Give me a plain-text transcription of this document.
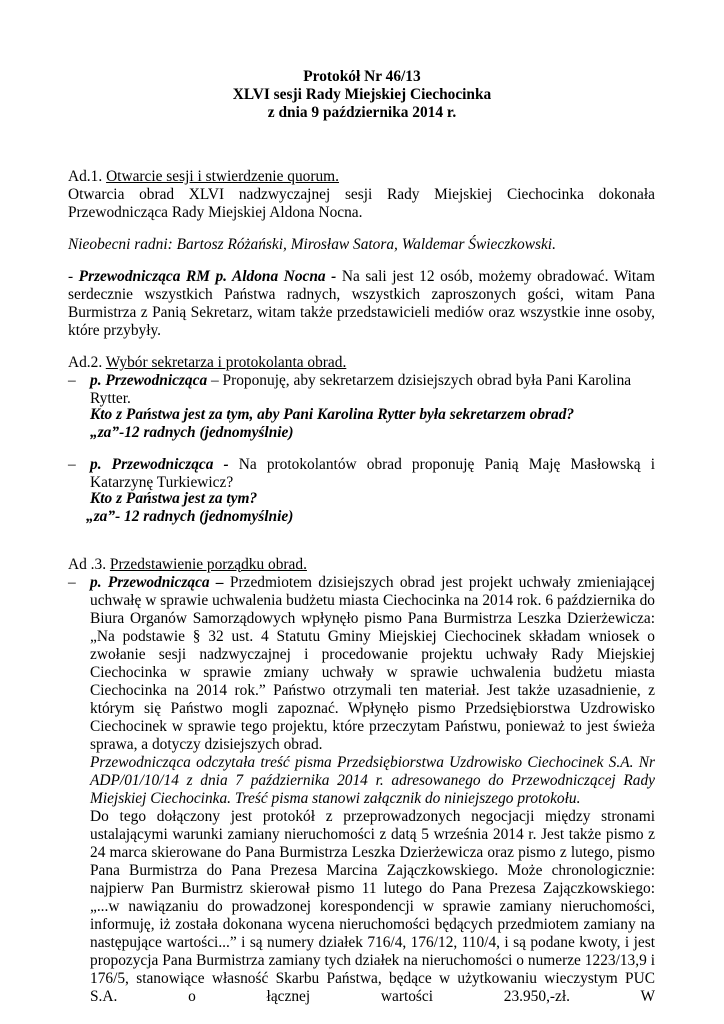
Protokół Nr 46/13
XLVI sesji Rady Miejskiej Ciechocinka
z dnia 9 października 2014 r.
Ad.1. Otwarcie sesji i stwierdzenie quorum.
Otwarcia obrad XLVI nadzwyczajnej sesji Rady Miejskiej Ciechocinka dokonała Przewodnicząca Rady Miejskiej Aldona Nocna.
Nieobecni radni: Bartosz Różański, Mirosław Satora, Waldemar Świeczkowski.
- Przewodnicząca RM p. Aldona Nocna - Na sali jest 12 osób, możemy obradować. Witam serdecznie wszystkich Państwa radnych, wszystkich zaproszonych gości, witam Pana Burmistrza z Panią Sekretarz, witam także przedstawicieli mediów oraz wszystkie inne osoby, które przybyły.
Ad.2. Wybór sekretarza i protokolanta obrad.
– p. Przewodnicząca – Proponuję, aby sekretarzem dzisiejszych obrad była Pani Karolina Rytter.
Kto z Państwa jest za tym, aby Pani Karolina Rytter była sekretarzem obrad?
„za”-12 radnych (jednomyślnie)
– p. Przewodnicząca - Na protokolantów obrad proponuję Panią Maję Masłowską i Katarzynę Turkiewicz?
Kto z Państwa jest za tym?
„za”- 12 radnych (jednomyślnie)
Ad .3. Przedstawienie porządku obrad.
– p. Przewodnicząca – Przedmiotem dzisiejszych obrad jest projekt uchwały zmieniającej uchwałę w sprawie uchwalenia budżetu miasta Ciechocinka na 2014 rok. 6 października do Biura Organów Samorządowych wpłynęło pismo Pana Burmistrza Leszka Dzierżewicza: „Na podstawie § 32 ust. 4 Statutu Gminy Miejskiej Ciechocinek składam wniosek o zwołanie sesji nadzwyczajnej i procedowanie projektu uchwały Rady Miejskiej Ciechocinka w sprawie zmiany uchwały w sprawie uchwalenia budżetu miasta Ciechocinka na 2014 rok.” Państwo otrzymali ten materiał. Jest także uzasadnienie, z którym się Państwo mogli zapoznać. Wpłynęło pismo Przedsiębiorstwa Uzdrowisko Ciechocinek w sprawie tego projektu, które przeczytam Państwu, ponieważ to jest świeża sprawa, a dotyczy dzisiejszych obrad.
Przewodnicząca odczytała treść pisma Przedsiębiorstwa Uzdrowisko Ciechocinek S.A. Nr ADP/01/10/14 z dnia 7 października 2014 r. adresowanego do Przewodniczącej Rady Miejskiej Ciechocinka. Treść pisma stanowi załącznik do niniejszego protokołu.
Do tego dołączony jest protokół z przeprowadzonych negocjacji między stronami ustalającymi warunki zamiany nieruchomości z datą 5 września 2014 r. Jest także pismo z 24 marca skierowane do Pana Burmistrza Leszka Dzierżewicza oraz pismo z lutego, pismo Pana Burmistrza do Pana Prezesa Marcina Zajączkowskiego. Może chronologicznie: najpierw Pan Burmistrz skierował pismo 11 lutego do Pana Prezesa Zajączkowskiego: „...w nawiązaniu do prowadzonej korespondencji w sprawie zamiany nieruchomości, informuję, iż została dokonana wycena nieruchomości będących przedmiotem zamiany na następujące wartości...” i są numery działek 716/4, 176/12, 110/4, i są podane kwoty, i jest propozycja Pana Burmistrza zamiany tych działek na nieruchomości o numerze 1223/13,9 i 176/5, stanowiące własność Skarbu Państwa, będące w użytkowaniu wieczystym PUC S.A. o łącznej wartości 23.950,-zł. W
